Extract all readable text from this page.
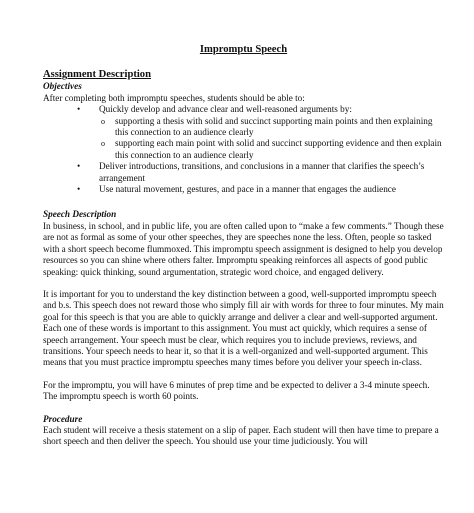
Impromptu Speech
Assignment Description
Objectives

After completing both impromptu speeches, students should be able to:

• Quickly develop and advance clear and well-reasoned arguments by:
o supporting a thesis with solid and succinct supporting main points and then explaining this connection to an audience clearly
o supporting each main point with solid and succinct supporting evidence and then explain this connection to an audience clearly
• Deliver introductions, transitions, and conclusions in a manner that clarifies the speech’s arrangement
• Use natural movement, gestures, and pace in a manner that engages the audience
Speech Description

In business, in school, and in public life, you are often called upon to “make a few comments.” Though these are not as formal as some of your other speeches, they are speeches none the less. Often, people so tasked with a short speech become flummoxed. This impromptu speech assignment is designed to help you develop resources so you can shine where others falter. Impromptu speaking reinforces all aspects of good public speaking: quick thinking, sound argumentation, strategic word choice, and engaged delivery.

It is important for you to understand the key distinction between a good, well-supported impromptu speech and b.s. This speech does not reward those who simply fill air with words for three to four minutes. My main goal for this speech is that you are able to quickly arrange and deliver a clear and well-supported argument. Each one of these words is important to this assignment. You must act quickly, which requires a sense of speech arrangement. Your speech must be clear, which requires you to include previews, reviews, and transitions. Your speech needs to hear it, so that it is a well-organized and well-supported argument. This means that you must practice impromptu speeches many times before you deliver your speech in-class.

For the impromptu, you will have 6 minutes of prep time and be expected to deliver a 3-4 minute speech. The impromptu speech is worth 60 points.

Procedure

Each student will receive a thesis statement on a slip of paper. Each student will then have time to prepare a short speech and then deliver the speech. You should use your time judiciously. You will
